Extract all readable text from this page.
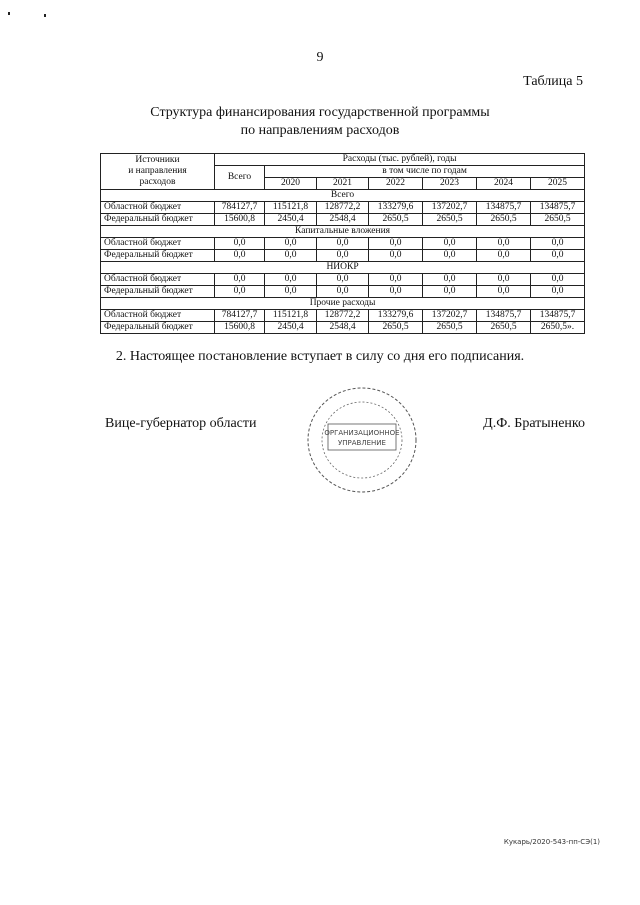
9
Таблица 5
Структура финансирования государственной программы
по направлениям расходов
Источники
и направления
расходов	Расходы (тыс. рублей), годы						
	Всего	в том числе по годам					
		2020	2021	2022	2023	2024	2025
Всего							
Областной бюджет	784127,7	115121,8	128772,2	133279,6	137202,7	134875,7	134875,7
Федеральный бюджет	15600,8	2450,4	2548,4	2650,5	2650,5	2650,5	2650,5
Капитальные вложения							
Областной бюджет	0,0	0,0	0,0	0,0	0,0	0,0	0,0
Федеральный бюджет	0,0	0,0	0,0	0,0	0,0	0,0	0,0
НИОКР							
Областной бюджет	0,0	0,0	0,0	0,0	0,0	0,0	0,0
Федеральный бюджет	0,0	0,0	0,0	0,0	0,0	0,0	0,0
Прочие расходы							
Областной бюджет	784127,7	115121,8	128772,2	133279,6	137202,7	134875,7	134875,7
Федеральный бюджет	15600,8	2450,4	2548,4	2650,5	2650,5	2650,5	2650,5».
2. Настоящее постановление вступает в силу со дня его подписания.
Вице-губернатор области	Д.Ф. Братыненко
ОРГАНИЗАЦИОННОЕ
УПРАВЛЕНИЕ
Кукарь/2020-543-пп-СЭ(1)
